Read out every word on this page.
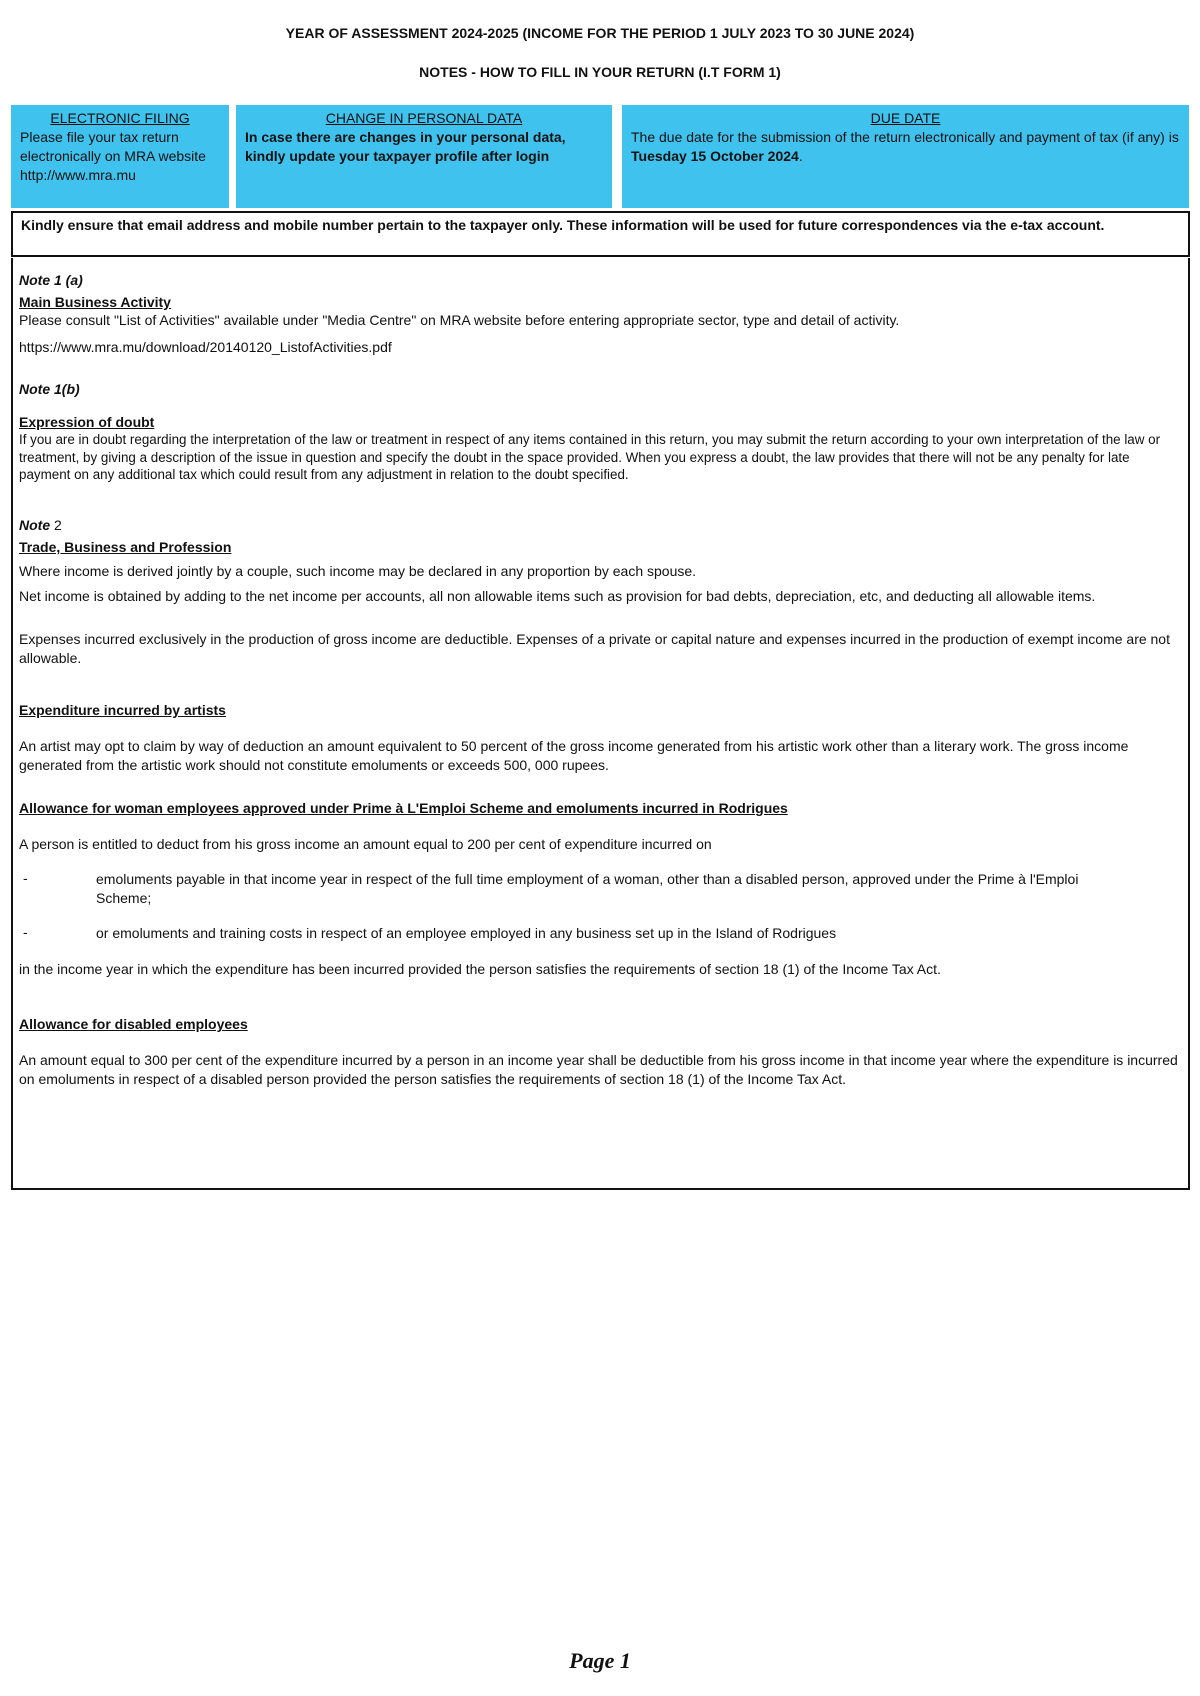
YEAR OF ASSESSMENT 2024-2025 (INCOME FOR THE PERIOD 1 JULY 2023 TO 30 JUNE 2024)
NOTES - HOW TO FILL IN YOUR RETURN (I.T FORM 1)
ELECTRONIC FILING
Please file your tax return electronically on MRA website
http://www.mra.mu
CHANGE IN PERSONAL DATA
In case there are changes in your personal data, kindly update your taxpayer profile after login
DUE DATE
The due date for the submission of the return electronically and payment of tax (if any) is Tuesday 15 October 2024.
Kindly ensure that email address and mobile number pertain to the taxpayer only. These information will be used for future correspondences via the e-tax account.
Note 1 (a)
Main Business Activity
Please consult "List of Activities" available under "Media Centre" on MRA website before entering appropriate sector, type and detail of activity.
https://www.mra.mu/download/20140120_ListofActivities.pdf
Note 1(b)
Expression of doubt
If you are in doubt regarding the interpretation of the law or treatment in respect of any items contained in this return, you may submit the return according to your own interpretation of the law or treatment, by giving a description of the issue in question and specify the doubt in the space provided. When you express a doubt, the law provides that there will not be any penalty for late payment on any additional tax which could result from any adjustment in relation to the doubt specified.
Note 2
Trade, Business and Profession
Where income is derived jointly by a couple, such income may be declared in any proportion by each spouse.
Net income is obtained by adding to the net income per accounts, all non allowable items such as provision for bad debts, depreciation, etc, and deducting all allowable items.
Expenses incurred exclusively in the production of gross income are deductible. Expenses of a private or capital nature and expenses incurred in the production of exempt income are not allowable.
Expenditure incurred by artists
An artist may opt to claim by way of deduction an amount equivalent to 50 percent of the gross income generated from his artistic work other than a literary work. The gross income generated from the artistic work should not constitute emoluments or exceeds 500, 000 rupees.
Allowance for woman employees approved under Prime à L'Emploi Scheme and emoluments incurred in Rodrigues
A person is entitled to deduct from his gross income an amount equal to 200 per cent of expenditure incurred on
-	emoluments payable in that income year in respect of the full time employment of a woman, other than a disabled person, approved under the Prime à l'Emploi Scheme;
-	or emoluments and training costs in respect of an employee employed in any business set up in the Island of Rodrigues
in the income year in which the expenditure has been incurred provided the person satisfies the requirements of section 18 (1) of the Income Tax Act.
Allowance for disabled employees
An amount equal to 300 per cent of the expenditure incurred by a person in an income year shall be deductible from his gross income in that income year where the expenditure is incurred on emoluments in respect of a disabled person provided the person satisfies the requirements of section 18 (1) of the Income Tax Act.
Page 1
